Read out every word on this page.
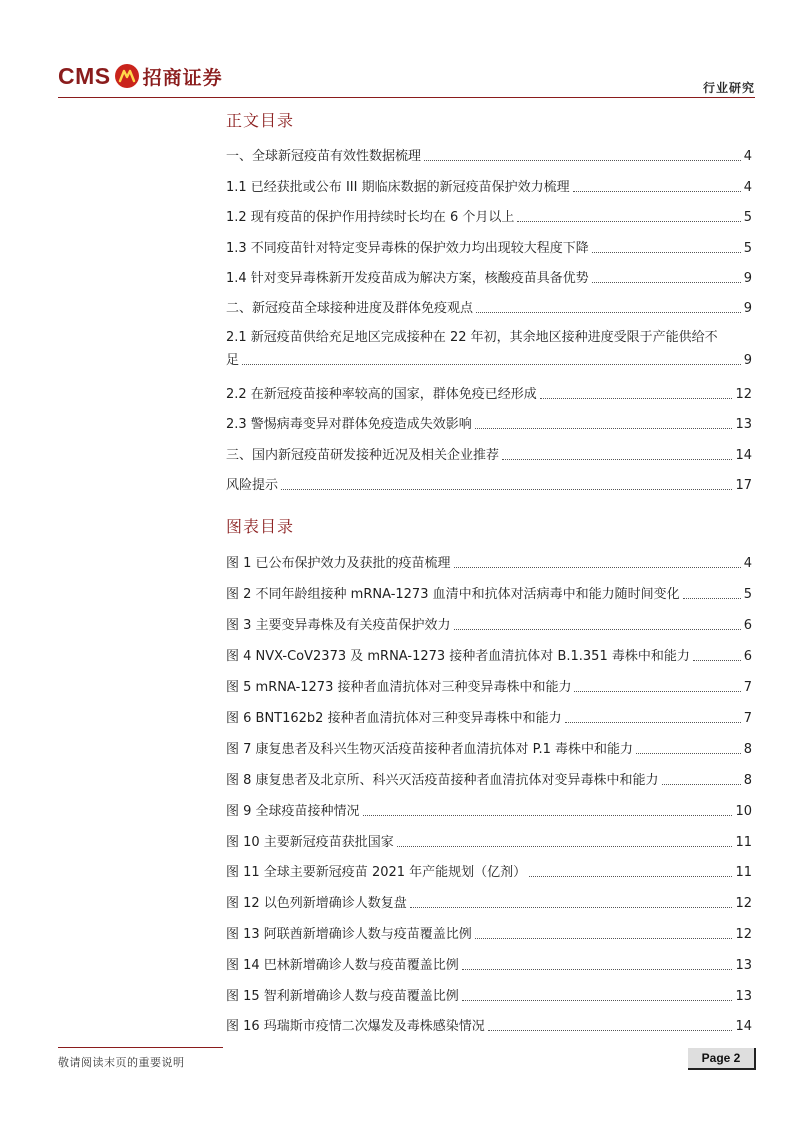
CMS 招商证券	行业研究
正文目录
一、全球新冠疫苗有效性数据梳理	4
1.1 已经获批或公布 III 期临床数据的新冠疫苗保护效力梳理	4
1.2 现有疫苗的保护作用持续时长均在 6 个月以上	5
1.3 不同疫苗针对特定变异毒株的保护效力均出现较大程度下降	5
1.4 针对变异毒株新开发疫苗成为解决方案，核酸疫苗具备优势	9
二、新冠疫苗全球接种进度及群体免疫观点	9
2.1 新冠疫苗供给充足地区完成接种在 22 年初，其余地区接种进度受限于产能供给不
足	9
2.2 在新冠疫苗接种率较高的国家，群体免疫已经形成	12
2.3 警惕病毒变异对群体免疫造成失效影响	13
三、国内新冠疫苗研发接种近况及相关企业推荐	14
风险提示	17
图表目录
图 1 已公布保护效力及获批的疫苗梳理	4
图 2 不同年龄组接种 mRNA-1273 血清中和抗体对活病毒中和能力随时间变化	5
图 3 主要变异毒株及有关疫苗保护效力	6
图 4 NVX-CoV2373 及 mRNA-1273 接种者血清抗体对 B.1.351 毒株中和能力	6
图 5 mRNA-1273 接种者血清抗体对三种变异毒株中和能力	7
图 6 BNT162b2 接种者血清抗体对三种变异毒株中和能力	7
图 7 康复患者及科兴生物灭活疫苗接种者血清抗体对 P.1 毒株中和能力	8
图 8 康复患者及北京所、科兴灭活疫苗接种者血清抗体对变异毒株中和能力	8
图 9 全球疫苗接种情况	10
图 10 主要新冠疫苗获批国家	11
图 11 全球主要新冠疫苗 2021 年产能规划（亿剂）	11
图 12 以色列新增确诊人数复盘	12
图 13 阿联酋新增确诊人数与疫苗覆盖比例	12
图 14 巴林新增确诊人数与疫苗覆盖比例	13
图 15 智利新增确诊人数与疫苗覆盖比例	13
图 16 玛瑞斯市疫情二次爆发及毒株感染情况	14
敬请阅读末页的重要说明	Page 2
